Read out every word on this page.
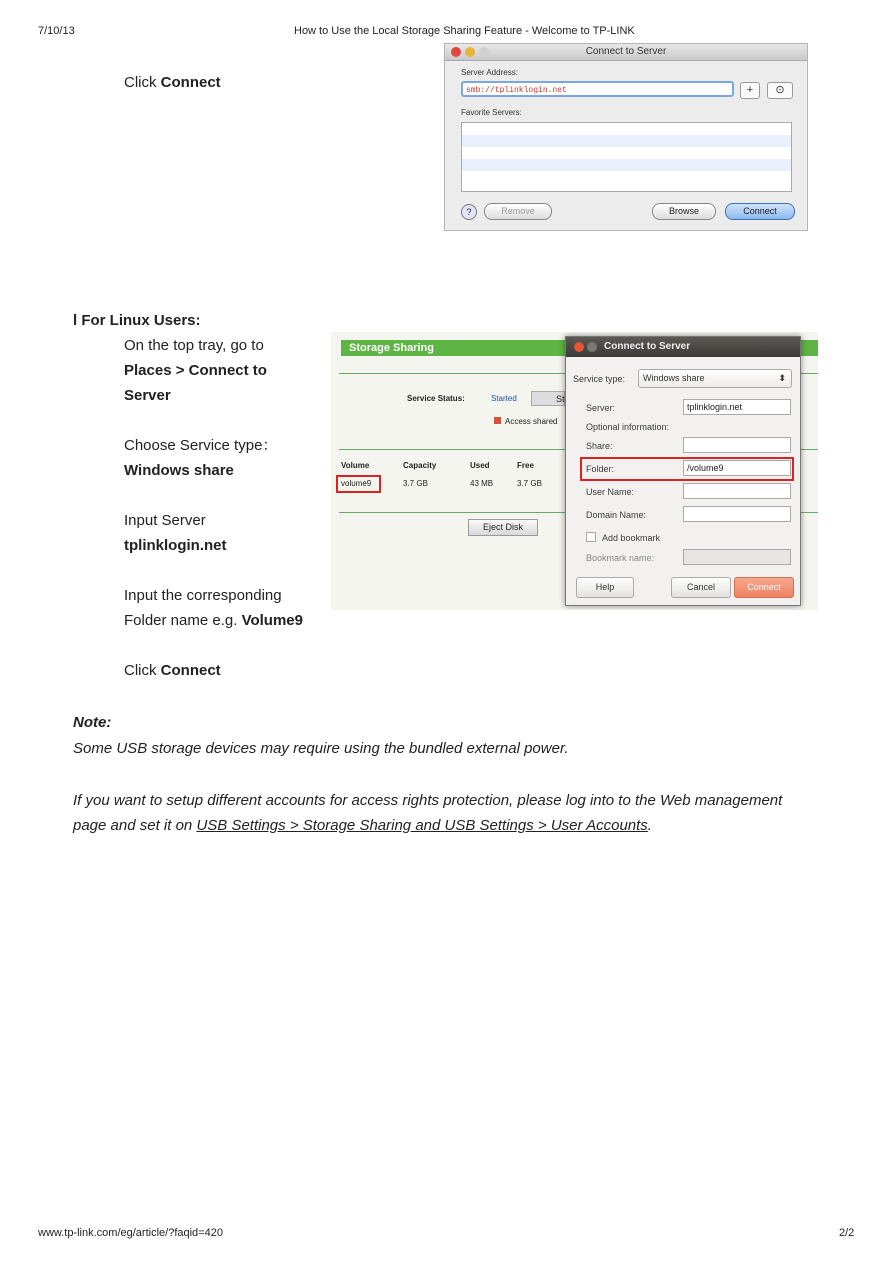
7/10/13	How to Use the Local Storage Sharing Feature - Welcome to TP-LINK
Click Connect
Connect to Server
Server Address:
smb://tplinklogin.net	+	⊙
Favorite Servers:
?	Remove	Browse	Connect
l For Linux Users:
On the top tray, go to
Places > Connect to
Server
Choose Service type：
Windows share
Input Server
tplinklogin.net
Input the corresponding
Folder name e.g. Volume9
Click Connect
Storage Sharing
Service Status:	Started	St
Access shared
Volume	Capacity	Used	Free
volume9	3.7 GB	43 MB	3.7 GB
Eject Disk
Connect to Server
Service type:	Windows share	⬍
Server:	tplinklogin.net
Optional information:
Share:
Folder:	/volume9
User Name:
Domain Name:
Add bookmark
Bookmark name:
Help	Cancel	Connect
Note:
Some USB storage devices may require using the bundled external power.
If you want to setup different accounts for access rights protection, please log into to the Web management
page and set it on USB Settings > Storage Sharing and USB Settings > User Accounts.
www.tp-link.com/eg/article/?faqid=420	2/2
